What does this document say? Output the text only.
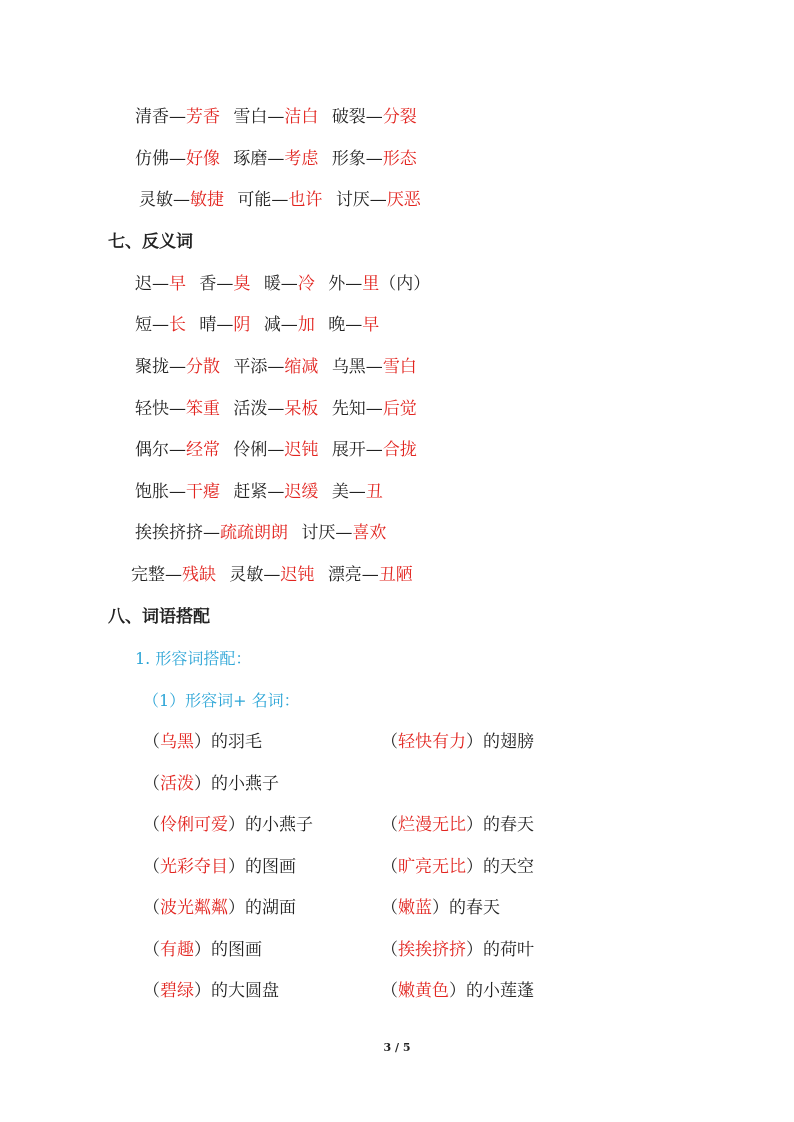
清香—芳香 雪白—洁白 破裂—分裂
仿佛—好像 琢磨—考虑 形象—形态
灵敏—敏捷 可能—也许 讨厌—厌恶
七、反义词
迟—早 香—臭 暖—冷 外—里（内）
短—长 晴—阴 减—加 晚—早
聚拢—分散 平添—缩减 乌黑—雪白
轻快—笨重 活泼—呆板 先知—后觉
偶尔—经常 伶俐—迟钝 展开—合拢
饱胀—干瘪 赶紧—迟缓 美—丑
挨挨挤挤—疏疏朗朗 讨厌—喜欢
完整—残缺 灵敏—迟钝 漂亮—丑陋
八、词语搭配
1. 形容词搭配：
（1）形容词+ 名词：
（乌黑）的羽毛	（轻快有力）的翅膀
（活泼）的小燕子
（伶俐可爱）的小燕子	（烂漫无比）的春天
（光彩夺目）的图画	（旷亮无比）的天空
（波光粼粼）的湖面	（嫩蓝）的春天
（有趣）的图画	（挨挨挤挤）的荷叶
（碧绿）的大圆盘	（嫩黄色）的小莲蓬
3 / 5
